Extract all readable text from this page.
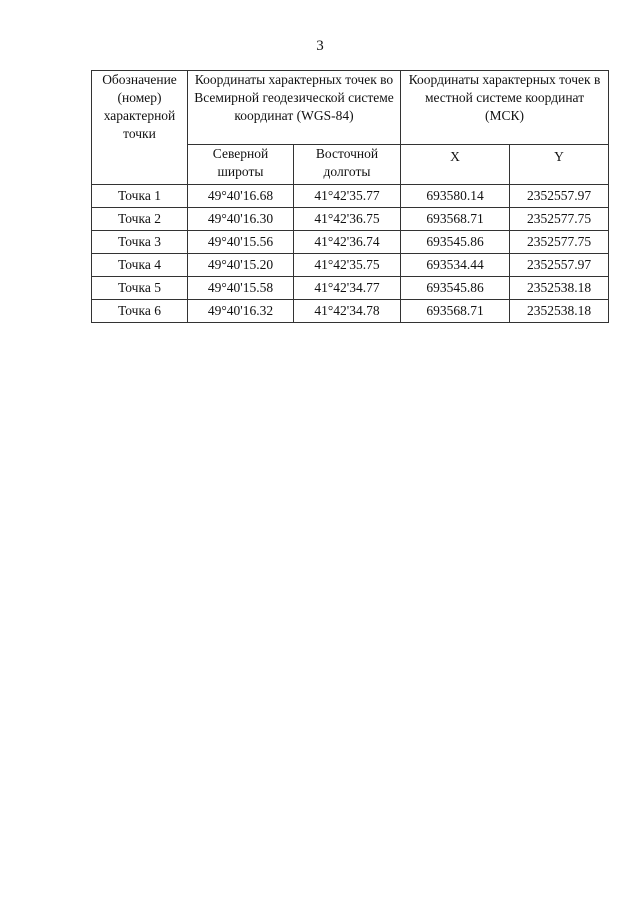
3
Обозначение (номер) характерной точки	Координаты характерных точек во Всемирной геодезической системе координат (WGS-84)		Координаты характерных точек в местной системе координат (МСК)	
	Северной широты	Восточной долготы	X	Y
Точка 1	49°40'16.68	41°42'35.77	693580.14	2352557.97
Точка 2	49°40'16.30	41°42'36.75	693568.71	2352577.75
Точка 3	49°40'15.56	41°42'36.74	693545.86	2352577.75
Точка 4	49°40'15.20	41°42'35.75	693534.44	2352557.97
Точка 5	49°40'15.58	41°42'34.77	693545.86	2352538.18
Точка 6	49°40'16.32	41°42'34.78	693568.71	2352538.18
